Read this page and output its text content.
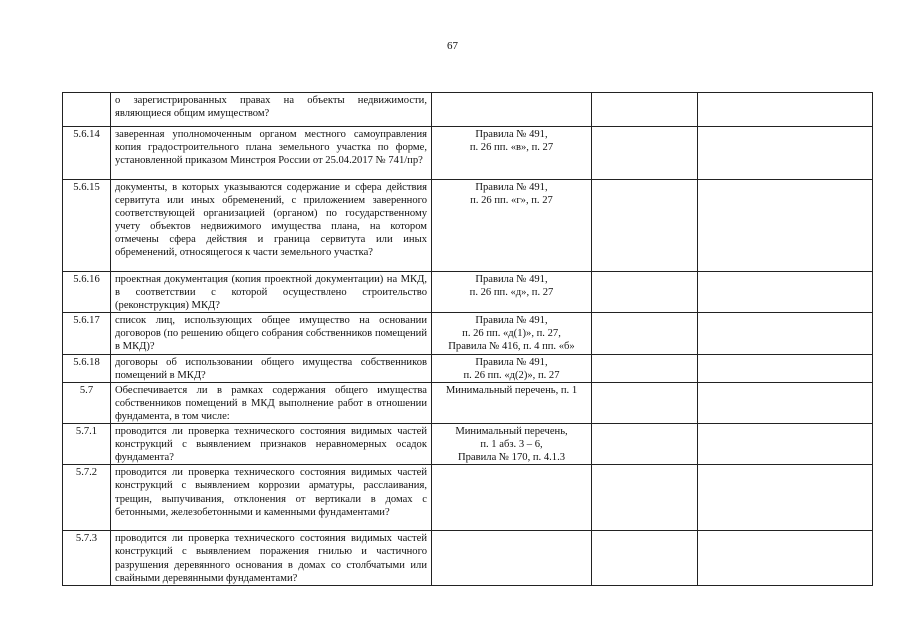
67
	о зарегистрированных правах на объекты недвижимости, являющиеся общим имуществом?			
5.6.14	заверенная уполномоченным органом местного самоуправления копия градостроительного плана земельного участка по форме, установленной приказом Минстроя России от 25.04.2017 № 741/пр?	Правила № 491,
п. 26 пп. «в», п. 27		

5.6.15	документы, в которых указываются содержание и сфера действия сервитута или иных обременений, с приложением заверенного соответствующей организацией (органом) по государственному учету объектов недвижимого имущества плана, на котором отмечены сфера действия и граница сервитута или иных обременений, относящегося к части земельного участка?	Правила № 491,
п. 26 пп. «г», п. 27		

5.6.16	проектная документация (копия проектной документации) на МКД, в соответствии с которой осуществлено строительство (реконструкция) МКД?	Правила № 491,
п. 26 пп. «д», п. 27		

5.6.17	список лиц, использующих общее имущество на основании договоров (по решению общего собрания собственников помещений в МКД)?	Правила № 491,
п. 26 пп. «д(1)», п. 27,
Правила № 416, п. 4 пп. «б»		

5.6.18	договоры об использовании общего имущества собственников помещений в МКД?	Правила № 491,
п. 26 пп. «д(2)», п. 27		

5.7	Обеспечивается ли в рамках содержания общего имущества собственников помещений в МКД выполнение работ в отношении фундамента, в том числе:	Минимальный перечень, п. 1		

5.7.1	проводится ли проверка технического состояния видимых частей конструкций с выявлением признаков неравномерных осадок фундамента?	Минимальный перечень,
п. 1 абз. 3 – 6,
Правила № 170, п. 4.1.3		

5.7.2	проводится ли проверка технического состояния видимых частей конструкций с выявлением коррозии арматуры, расслаивания, трещин, выпучивания, отклонения от вертикали в домах с бетонными, железобетонными и каменными фундаментами?			
5.7.3	проводится ли проверка технического состояния видимых частей конструкций с выявлением поражения гнилью и частичного разрушения деревянного основания в домах со столбчатыми или свайными деревянными фундаментами?			
